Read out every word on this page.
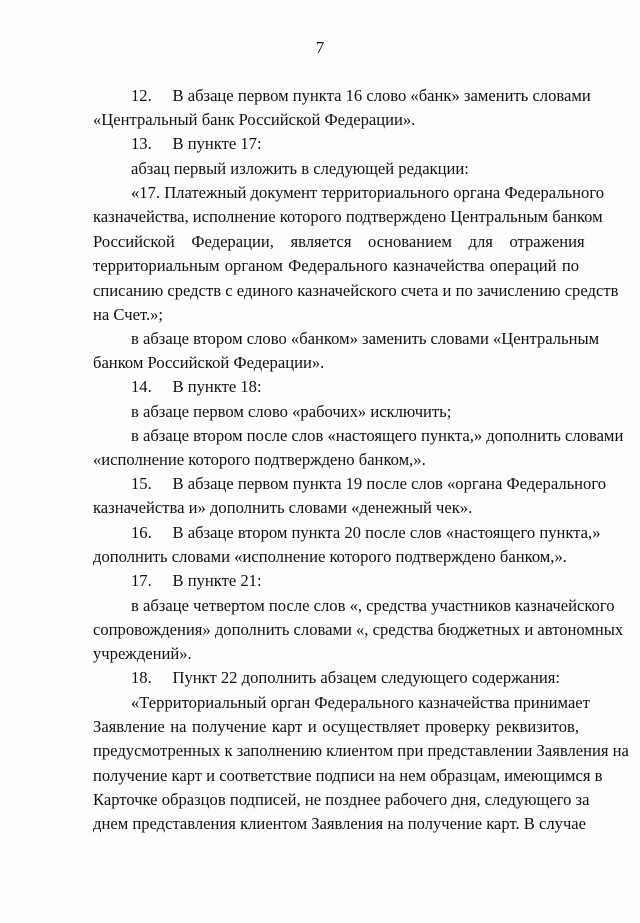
7
12.     В абзаце первом пункта 16 слово «банк» заменить словами
«Центральный банк Российской Федерации».
13.     В пункте 17:
абзац первый изложить в следующей редакции:
«17. Платежный документ территориального органа Федерального
казначейства, исполнение которого подтверждено Центральным банком
Российской    Федерации,    является    основанием    для    отражения
территориальным органом Федерального казначейства операций по
списанию средств с единого казначейского счета и по зачислению средств
на Счет.»;
в абзаце втором слово «банком» заменить словами «Центральным
банком Российской Федерации».
14.     В пункте 18:
в абзаце первом слово «рабочих» исключить;
в абзаце втором после слов «настоящего пункта,» дополнить словами
«исполнение которого подтверждено банком,».
15.     В абзаце первом пункта 19 после слов «органа Федерального
казначейства и» дополнить словами «денежный чек».
16.     В абзаце втором пункта 20 после слов «настоящего пункта,»
дополнить словами «исполнение которого подтверждено банком,».
17.     В пункте 21:
в абзаце четвертом после слов «, средства участников казначейского
сопровождения» дополнить словами «, средства бюджетных и автономных
учреждений».
18.     Пункт 22 дополнить абзацем следующего содержания:
«Территориальный орган Федерального казначейства принимает
Заявление на получение карт и осуществляет проверку реквизитов,
предусмотренных к заполнению клиентом при представлении Заявления на
получение карт и соответствие подписи на нем образцам, имеющимся в
Карточке образцов подписей, не позднее рабочего дня, следующего за
днем представления клиентом Заявления на получение карт. В случае
